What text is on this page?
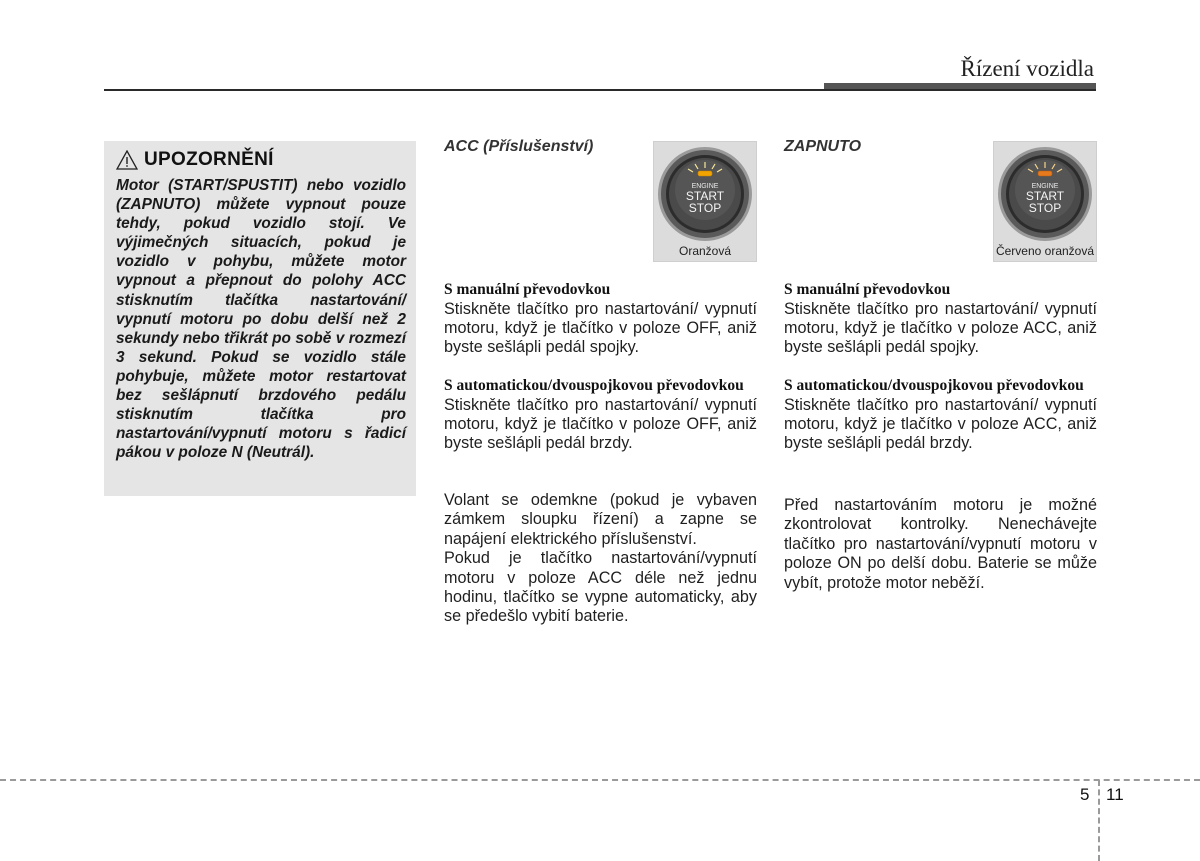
Řízení vozidla
UPOZORNĚNÍ
Motor (START/SPUSTIT) nebo vozidlo (ZAPNUTO) můžete vypnout pouze tehdy, pokud vozidlo stojí. Ve výjimečných situacích, pokud je vozidlo v pohybu, můžete motor vypnout a přepnout do polohy ACC stisknutím tlačítka nastartování/ vypnutí motoru po dobu delší než 2 sekundy nebo třikrát po sobě v rozmezí 3 sekund. Pokud se vozidlo stále pohybuje, můžete motor restartovat bez sešlápnutí brzdového pedálu stisknutím tlačítka pro nastartování/vypnutí motoru s řadicí pákou v poloze N (Neutrál).
ACC (Příslušenství)
ENGINE
START
STOP
Oranžová
S manuální převodovkou
Stiskněte tlačítko pro nastartování/ vypnutí motoru, když je tlačítko v poloze OFF, aniž byste sešlápli pedál spojky.
S automatickou/dvouspojkovou převodovkou
Stiskněte tlačítko pro nastartování/ vypnutí motoru, když je tlačítko v poloze OFF, aniž byste sešlápli pedál brzdy.
Volant se odemkne (pokud je vybaven zámkem sloupku řízení) a zapne se napájení elektrického příslušenství.
Pokud je tlačítko nastartování/vypnutí motoru v poloze ACC déle než jednu hodinu, tlačítko se vypne automaticky, aby se předešlo vybití baterie.
ZAPNUTO
ENGINE
START
STOP
Červeno oranžová
S manuální převodovkou
Stiskněte tlačítko pro nastartování/ vypnutí motoru, když je tlačítko v poloze ACC, aniž byste sešlápli pedál spojky.
S automatickou/dvouspojkovou převodovkou
Stiskněte tlačítko pro nastartování/ vypnutí motoru, když je tlačítko v poloze ACC, aniž byste sešlápli pedál brzdy.
Před nastartováním motoru je možné zkontrolovat kontrolky. Nenechávejte tlačítko pro nastartování/vypnutí motoru v poloze ON po delší dobu. Baterie se může vybít, protože motor neběží.
5 11
